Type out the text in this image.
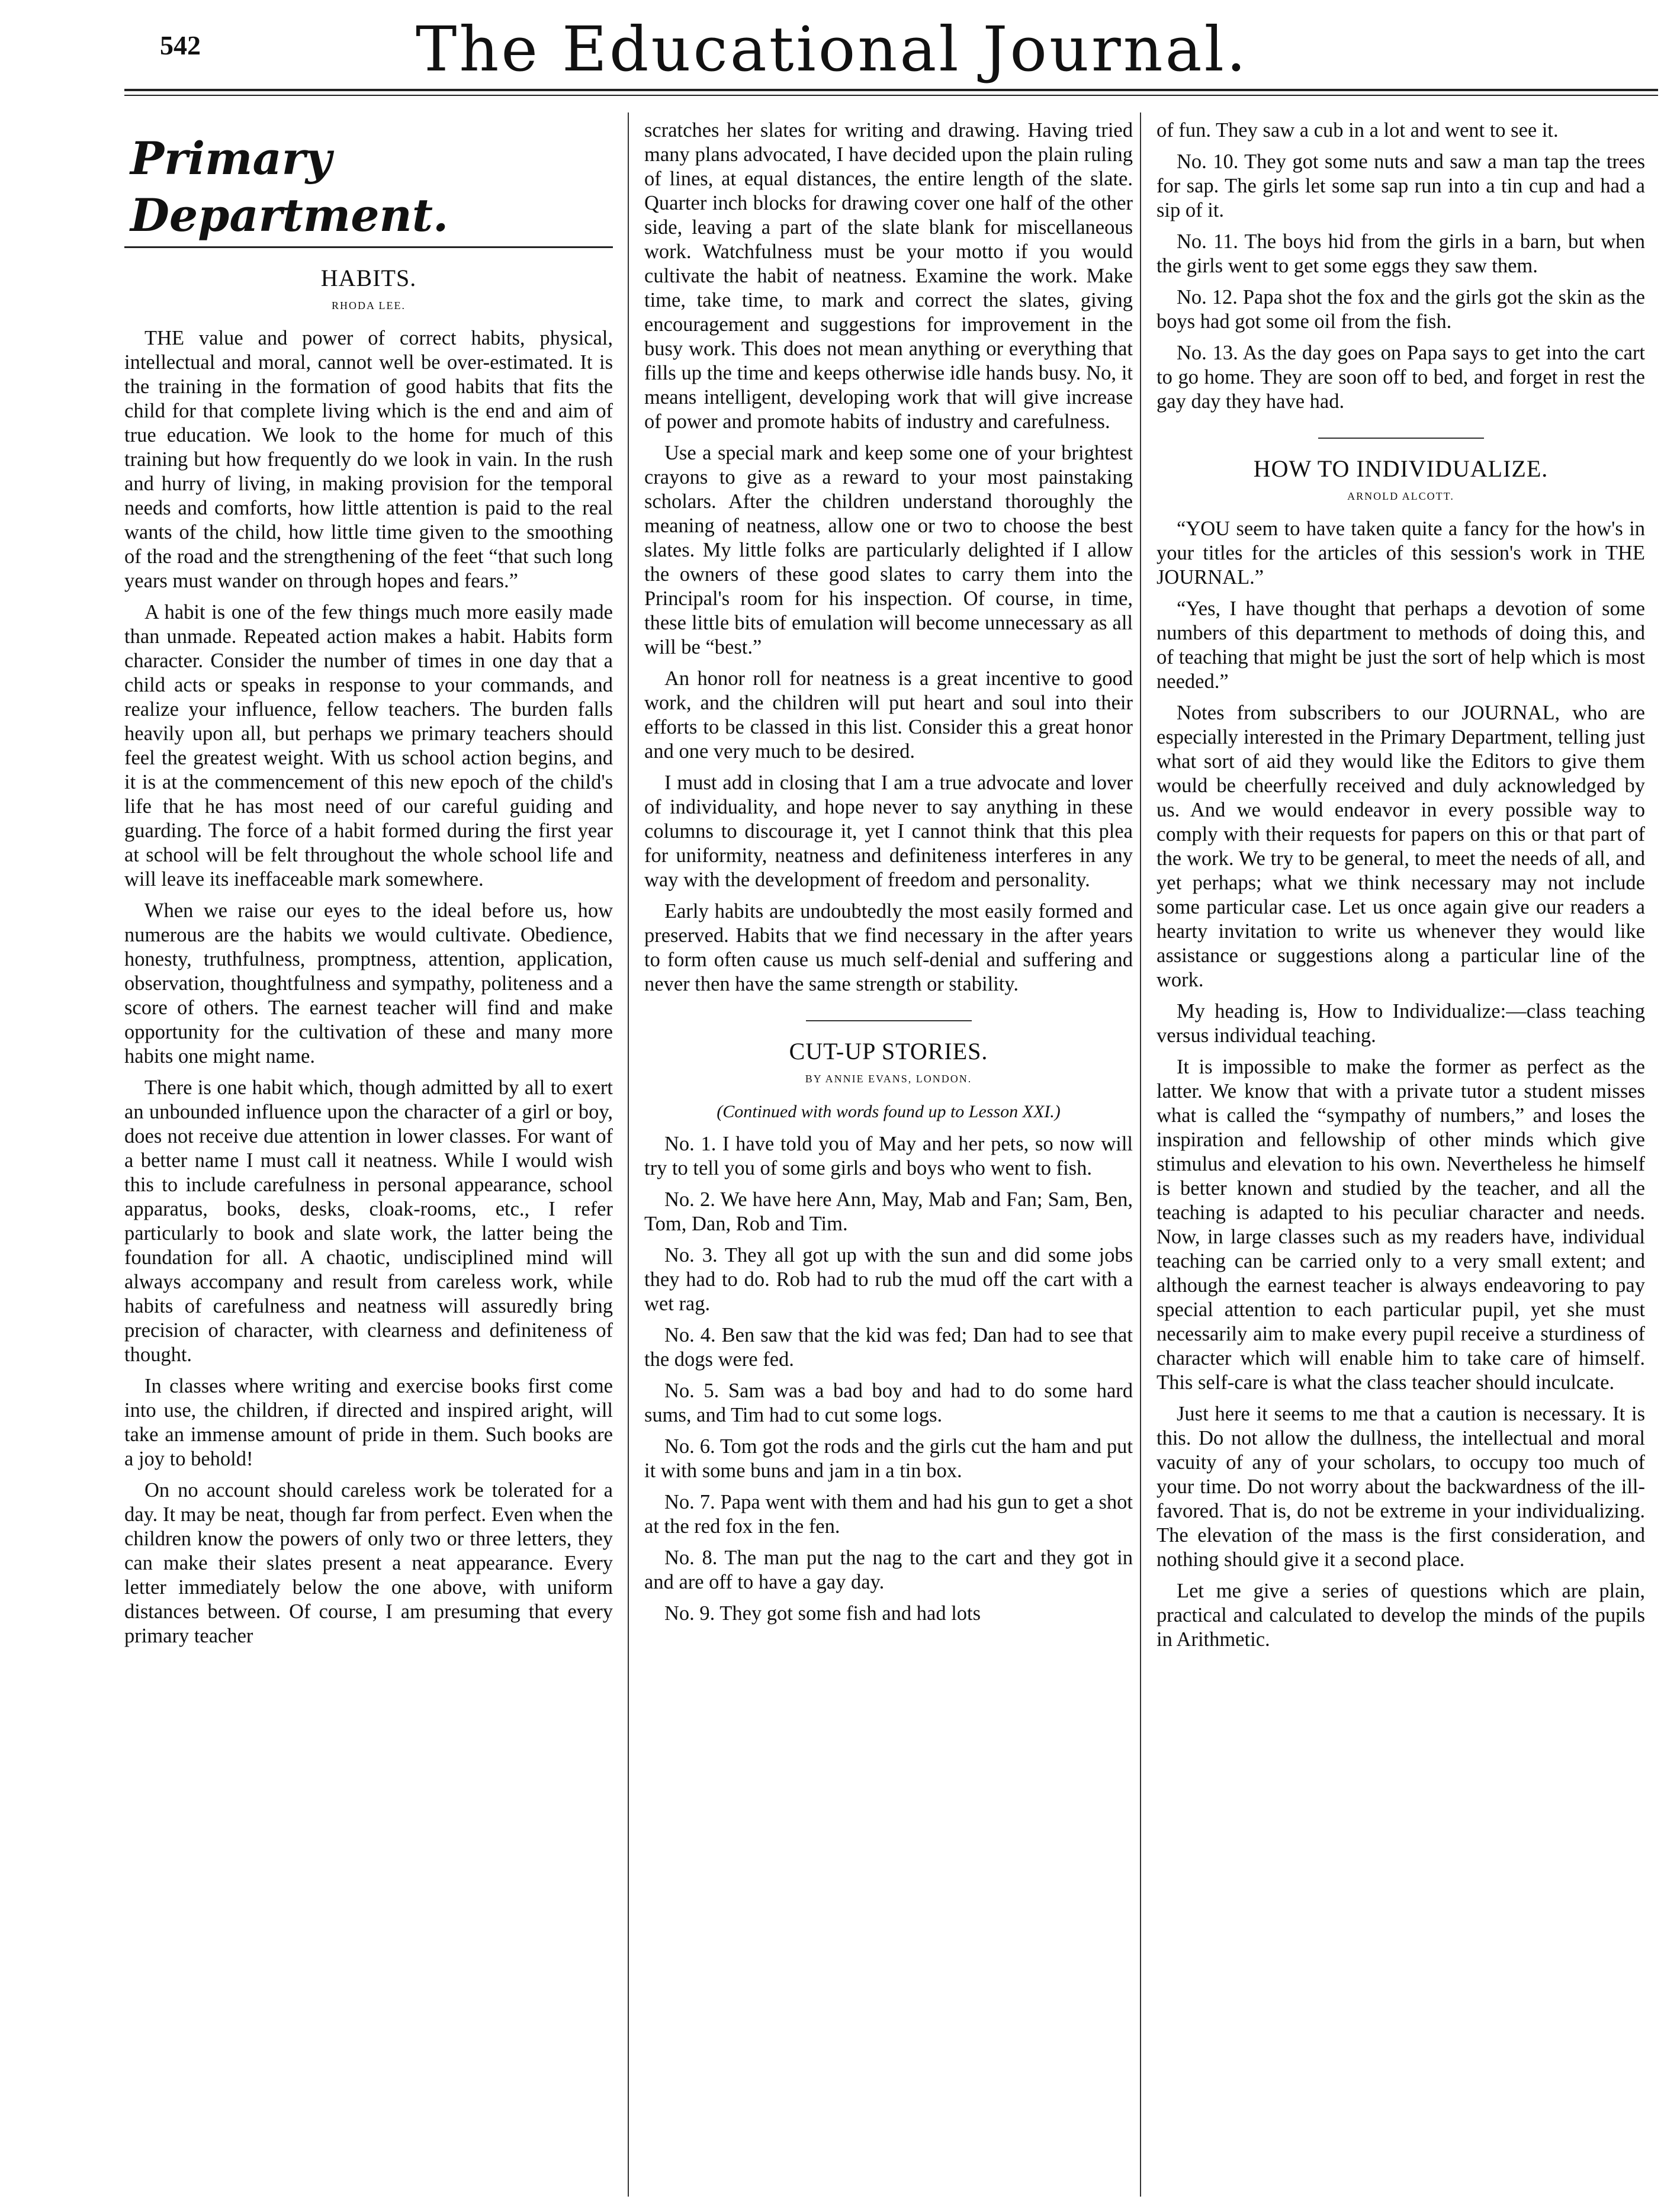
542	The Educational Journal.
Primary Department.
HABITS.
RHODA LEE.

THE value and power of correct habits, physical, intellectual and moral, cannot well be over-estimated. It is the training in the formation of good habits that fits the child for that complete living which is the end and aim of true education. We look to the home for much of this training but how frequently do we look in vain. In the rush and hurry of living, in making provision for the temporal needs and comforts, how little attention is paid to the real wants of the child, how little time given to the smoothing of the road and the strengthening of the feet “that such long years must wander on through hopes and fears.”

A habit is one of the few things much more easily made than unmade. Repeated action makes a habit. Habits form character. Consider the number of times in one day that a child acts or speaks in response to your commands, and realize your influence, fellow teachers. The burden falls heavily upon all, but perhaps we primary teachers should feel the greatest weight. With us school action begins, and it is at the commencement of this new epoch of the child's life that he has most need of our careful guiding and guarding. The force of a habit formed during the first year at school will be felt throughout the whole school life and will leave its ineffaceable mark somewhere.

When we raise our eyes to the ideal before us, how numerous are the habits we would cultivate. Obedience, honesty, truthfulness, promptness, attention, application, observation, thoughtfulness and sympathy, politeness and a score of others. The earnest teacher will find and make opportunity for the cultivation of these and many more habits one might name.

There is one habit which, though admitted by all to exert an unbounded influence upon the character of a girl or boy, does not receive due attention in lower classes. For want of a better name I must call it neatness. While I would wish this to include carefulness in personal appearance, school apparatus, books, desks, cloak-rooms, etc., I refer particularly to book and slate work, the latter being the foundation for all. A chaotic, undisciplined mind will always accompany and result from careless work, while habits of carefulness and neatness will assuredly bring precision of character, with clearness and definiteness of thought.

In classes where writing and exercise books first come into use, the children, if directed and inspired aright, will take an immense amount of pride in them. Such books are a joy to behold!

On no account should careless work be tolerated for a day. It may be neat, though far from perfect. Even when the children know the powers of only two or three letters, they can make their slates present a neat appearance. Every letter immediately below the one above, with uniform distances between. Of course, I am presuming that every primary teacher

scratches her slates for writing and drawing. Having tried many plans advocated, I have decided upon the plain ruling of lines, at equal distances, the entire length of the slate. Quarter inch blocks for drawing cover one half of the other side, leaving a part of the slate blank for miscellaneous work. Watchfulness must be your motto if you would cultivate the habit of neatness. Examine the work. Make time, take time, to mark and correct the slates, giving encouragement and suggestions for improvement in the busy work. This does not mean anything or everything that fills up the time and keeps otherwise idle hands busy. No, it means intelligent, developing work that will give increase of power and promote habits of industry and carefulness.

Use a special mark and keep some one of your brightest crayons to give as a reward to your most painstaking scholars. After the children understand thoroughly the meaning of neatness, allow one or two to choose the best slates. My little folks are particularly delighted if I allow the owners of these good slates to carry them into the Principal's room for his inspection. Of course, in time, these little bits of emulation will become unnecessary as all will be “best.”

An honor roll for neatness is a great incentive to good work, and the children will put heart and soul into their efforts to be classed in this list. Consider this a great honor and one very much to be desired.

I must add in closing that I am a true advocate and lover of individuality, and hope never to say anything in these columns to discourage it, yet I cannot think that this plea for uniformity, neatness and definiteness interferes in any way with the development of freedom and personality.

Early habits are undoubtedly the most easily formed and preserved. Habits that we find necessary in the after years to form often cause us much self-denial and suffering and never then have the same strength or stability.

CUT-UP STORIES.
BY ANNIE EVANS, LONDON.
(Continued with words found up to Lesson XXI.)

No. 1. I have told you of May and her pets, so now will try to tell you of some girls and boys who went to fish.

No. 2. We have here Ann, May, Mab and Fan; Sam, Ben, Tom, Dan, Rob and Tim.

No. 3. They all got up with the sun and did some jobs they had to do. Rob had to rub the mud off the cart with a wet rag.

No. 4. Ben saw that the kid was fed; Dan had to see that the dogs were fed.

No. 5. Sam was a bad boy and had to do some hard sums, and Tim had to cut some logs.

No. 6. Tom got the rods and the girls cut the ham and put it with some buns and jam in a tin box.

No. 7. Papa went with them and had his gun to get a shot at the red fox in the fen.

No. 8. The man put the nag to the cart and they got in and are off to have a gay day.

No. 9. They got some fish and had lots

of fun. They saw a cub in a lot and went to see it.

No. 10. They got some nuts and saw a man tap the trees for sap. The girls let some sap run into a tin cup and had a sip of it.

No. 11. The boys hid from the girls in a barn, but when the girls went to get some eggs they saw them.

No. 12. Papa shot the fox and the girls got the skin as the boys had got some oil from the fish.

No. 13. As the day goes on Papa says to get into the cart to go home. They are soon off to bed, and forget in rest the gay day they have had.

HOW TO INDIVIDUALIZE.
ARNOLD ALCOTT.

“YOU seem to have taken quite a fancy for the how's in your titles for the articles of this session's work in THE JOURNAL.”

“Yes, I have thought that perhaps a devotion of some numbers of this department to methods of doing this, and of teaching that might be just the sort of help which is most needed.”

Notes from subscribers to our JOURNAL, who are especially interested in the Primary Department, telling just what sort of aid they would like the Editors to give them would be cheerfully received and duly acknowledged by us. And we would endeavor in every possible way to comply with their requests for papers on this or that part of the work. We try to be general, to meet the needs of all, and yet perhaps; what we think necessary may not include some particular case. Let us once again give our readers a hearty invitation to write us whenever they would like assistance or suggestions along a particular line of the work.

My heading is, How to Individualize:—class teaching versus individual teaching.

It is impossible to make the former as perfect as the latter. We know that with a private tutor a student misses what is called the “sympathy of numbers,” and loses the inspiration and fellowship of other minds which give stimulus and elevation to his own. Nevertheless he himself is better known and studied by the teacher, and all the teaching is adapted to his peculiar character and needs. Now, in large classes such as my readers have, individual teaching can be carried only to a very small extent; and although the earnest teacher is always endeavoring to pay special attention to each particular pupil, yet she must necessarily aim to make every pupil receive a sturdiness of character which will enable him to take care of himself. This self-care is what the class teacher should inculcate.

Just here it seems to me that a caution is necessary. It is this. Do not allow the dullness, the intellectual and moral vacuity of any of your scholars, to occupy too much of your time. Do not worry about the backwardness of the ill-favored. That is, do not be extreme in your individualizing. The elevation of the mass is the first consideration, and nothing should give it a second place.

Let me give a series of questions which are plain, practical and calculated to develop the minds of the pupils in Arithmetic.
